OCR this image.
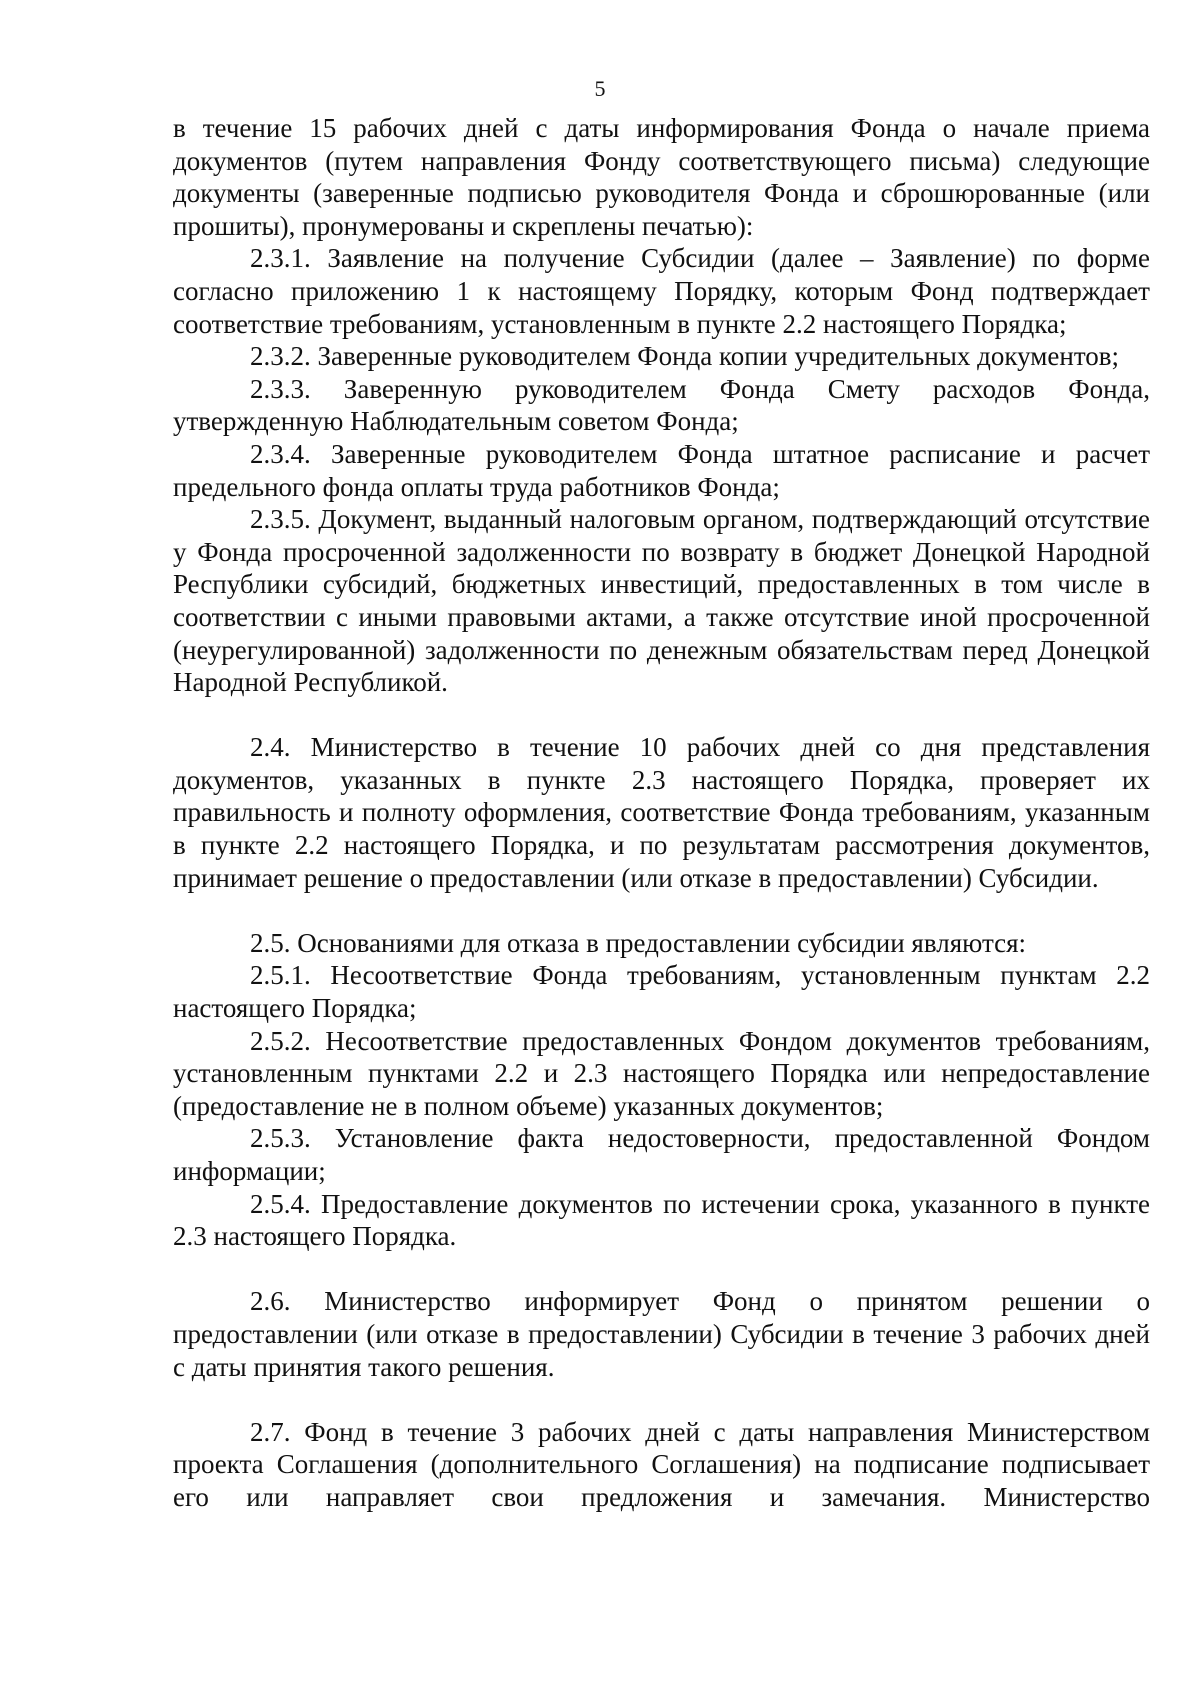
5

в течение 15 рабочих дней с даты информирования Фонда о начале приема документов (путем направления Фонду соответствующего письма) следующие документы (заверенные подписью руководителя Фонда и сброшюрованные (или прошиты), пронумерованы и скреплены печатью):

2.3.1. Заявление на получение Субсидии (далее – Заявление) по форме согласно приложению 1 к настоящему Порядку, которым Фонд подтверждает соответствие требованиям, установленным в пункте 2.2 настоящего Порядка;

2.3.2. Заверенные руководителем Фонда копии учредительных документов;

2.3.3. Заверенную руководителем Фонда Смету расходов Фонда, утвержденную Наблюдательным советом Фонда;

2.3.4. Заверенные руководителем Фонда штатное расписание и расчет предельного фонда оплаты труда работников Фонда;

2.3.5. Документ, выданный налоговым органом, подтверждающий отсутствие у Фонда просроченной задолженности по возврату в бюджет Донецкой Народной Республики субсидий, бюджетных инвестиций, предоставленных в том числе в соответствии с иными правовыми актами, а также отсутствие иной просроченной (неурегулированной) задолженности по денежным обязательствам перед Донецкой Народной Республикой.

2.4. Министерство в течение 10 рабочих дней со дня представления документов, указанных в пункте 2.3 настоящего Порядка, проверяет их правильность и полноту оформления, соответствие Фонда требованиям, указанным в пункте 2.2 настоящего Порядка, и по результатам рассмотрения документов, принимает решение о предоставлении (или отказе в предоставлении) Субсидии.

2.5. Основаниями для отказа в предоставлении субсидии являются:

2.5.1. Несоответствие Фонда требованиям, установленным пунктам 2.2 настоящего Порядка;

2.5.2. Несоответствие предоставленных Фондом документов требованиям, установленным пунктами 2.2 и 2.3 настоящего Порядка или непредоставление (предоставление не в полном объеме) указанных документов;

2.5.3. Установление факта недостоверности, предоставленной Фондом информации;

2.5.4. Предоставление документов по истечении срока, указанного в пункте 2.3 настоящего Порядка.

2.6. Министерство информирует Фонд о принятом решении о предоставлении (или отказе в предоставлении) Субсидии в течение 3 рабочих дней с даты принятия такого решения.

2.7. Фонд в течение 3 рабочих дней с даты направления Министерством проекта Соглашения (дополнительного Соглашения) на подписание подписывает его или направляет свои предложения и замечания. Министерство
